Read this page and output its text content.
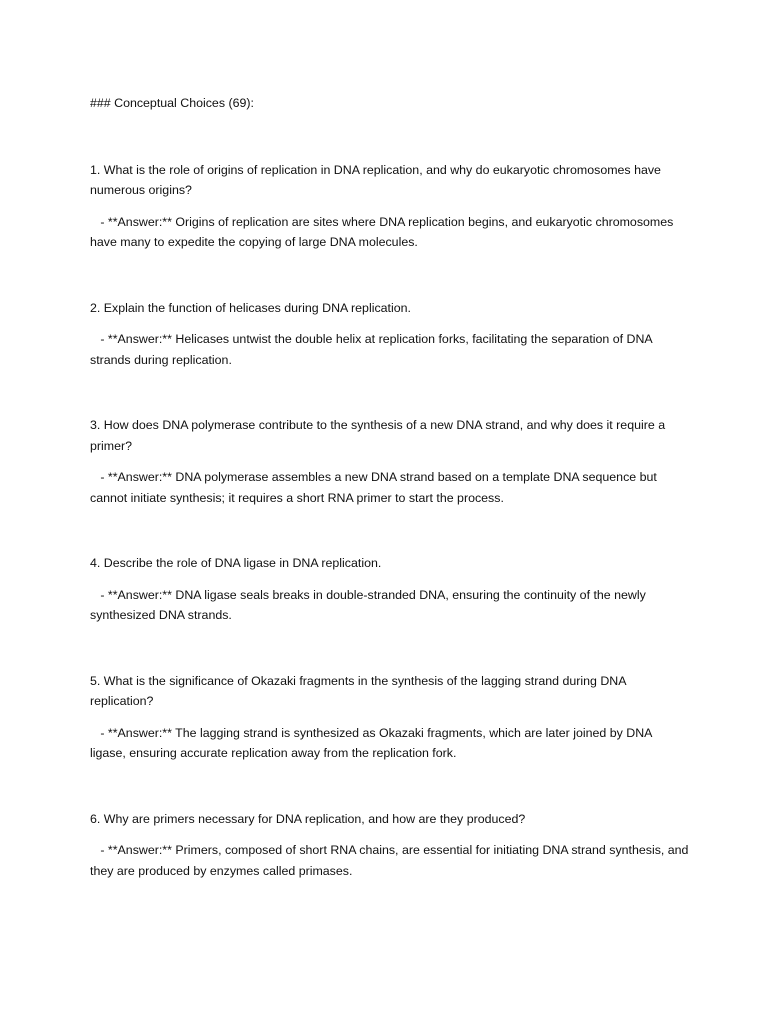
### Conceptual Choices (69):

1. What is the role of origins of replication in DNA replication, and why do eukaryotic chromosomes have numerous origins?

- **Answer:** Origins of replication are sites where DNA replication begins, and eukaryotic chromosomes have many to expedite the copying of large DNA molecules.

2. Explain the function of helicases during DNA replication.

- **Answer:** Helicases untwist the double helix at replication forks, facilitating the separation of DNA strands during replication.

3. How does DNA polymerase contribute to the synthesis of a new DNA strand, and why does it require a primer?

- **Answer:** DNA polymerase assembles a new DNA strand based on a template DNA sequence but cannot initiate synthesis; it requires a short RNA primer to start the process.

4. Describe the role of DNA ligase in DNA replication.

- **Answer:** DNA ligase seals breaks in double-stranded DNA, ensuring the continuity of the newly synthesized DNA strands.

5. What is the significance of Okazaki fragments in the synthesis of the lagging strand during DNA replication?

- **Answer:** The lagging strand is synthesized as Okazaki fragments, which are later joined by DNA ligase, ensuring accurate replication away from the replication fork.

6. Why are primers necessary for DNA replication, and how are they produced?

- **Answer:** Primers, composed of short RNA chains, are essential for initiating DNA strand synthesis, and they are produced by enzymes called primases.
